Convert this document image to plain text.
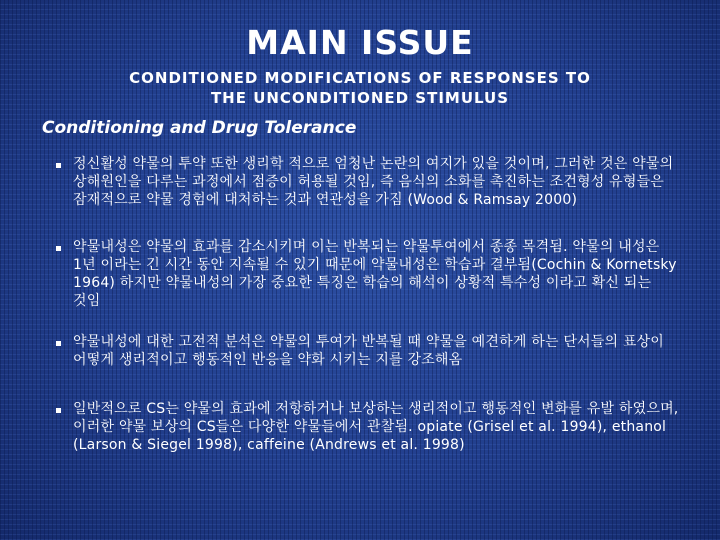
MAIN ISSUE
CONDITIONED MODIFICATIONS OF RESPONSES TO
THE UNCONDITIONED STIMULUS
Conditioning and Drug Tolerance
정신활성 약물의 투약 또한 생리학 적으로 엄청난 논란의 여지가 있을 것이며, 그러한 것은 약물의 상해원인을 다루는 과정에서 점증이 허용될 것임, 즉 음식의 소화를 촉진하는 조건형성 유형들은 잠재적으로 약물 경험에 대처하는 것과 연관성을 가짐 (Wood & Ramsay 2000)
약물내성은 약물의 효과를 감소시키며 이는 반복되는 약물투여에서 종종 목격됨. 약물의 내성은 1년 이라는 긴 시간 동안 지속될 수 있기 때문에 약물내성은 학습과 결부됨(Cochin & Kornetsky 1964) 하지만 약물내성의 가장 중요한 특징은 학습의 해석이 상황적 특수성 이라고 확신 되는 것임
약물내성에 대한 고전적 분석은 약물의 투여가 반복될 때 약물을 예견하게 하는 단서들의 표상이 어떻게 생리적이고 행동적인 반응을 약화 시키는 지를 강조해옴
일반적으로 CS는 약물의 효과에 저항하거나 보상하는 생리적이고 행동적인 변화를 유발 하였으며, 이러한 약물 보상의 CS들은 다양한 약물들에서 관찰됨. opiate (Grisel et al. 1994), ethanol (Larson & Siegel 1998), caffeine (Andrews et al. 1998)
